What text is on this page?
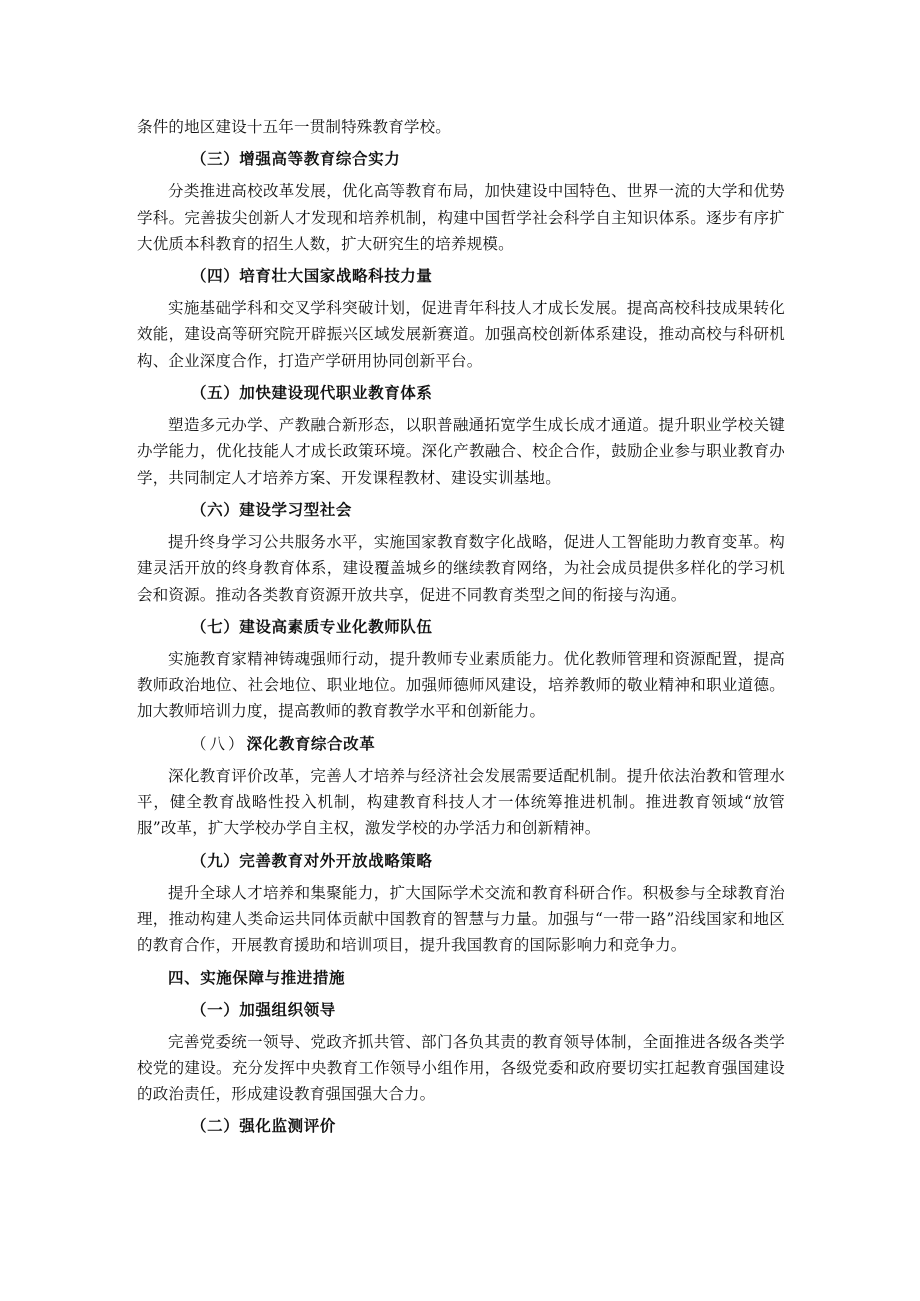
条件的地区建设十五年一贯制特殊教育学校。

（三）增强高等教育综合实力

分类推进高校改革发展，优化高等教育布局，加快建设中国特色、世界一流的大学和优势学科。完善拔尖创新人才发现和培养机制，构建中国哲学社会科学自主知识体系。逐步有序扩大优质本科教育的招生人数，扩大研究生的培养规模。

（四）培育壮大国家战略科技力量

实施基础学科和交叉学科突破计划，促进青年科技人才成长发展。提高高校科技成果转化效能，建设高等研究院开辟振兴区域发展新赛道。加强高校创新体系建设，推动高校与科研机构、企业深度合作，打造产学研用协同创新平台。

（五）加快建设现代职业教育体系

塑造多元办学、产教融合新形态，以职普融通拓宽学生成长成才通道。提升职业学校关键办学能力，优化技能人才成长政策环境。深化产教融合、校企合作，鼓励企业参与职业教育办学，共同制定人才培养方案、开发课程教材、建设实训基地。

（六）建设学习型社会

提升终身学习公共服务水平，实施国家教育数字化战略，促进人工智能助力教育变革。构建灵活开放的终身教育体系，建设覆盖城乡的继续教育网络，为社会成员提供多样化的学习机会和资源。推动各类教育资源开放共享，促进不同教育类型之间的衔接与沟通。

（七）建设高素质专业化教师队伍

实施教育家精神铸魂强师行动，提升教师专业素质能力。优化教师管理和资源配置，提高教师政治地位、社会地位、职业地位。加强师德师风建设，培养教师的敬业精神和职业道德。加大教师培训力度，提高教师的教育教学水平和创新能力。

（八）深化教育综合改革

深化教育评价改革，完善人才培养与经济社会发展需要适配机制。提升依法治教和管理水平，健全教育战略性投入机制，构建教育科技人才一体统筹推进机制。推进教育领域“放管服”改革，扩大学校办学自主权，激发学校的办学活力和创新精神。

（九）完善教育对外开放战略策略

提升全球人才培养和集聚能力，扩大国际学术交流和教育科研合作。积极参与全球教育治理，推动构建人类命运共同体贡献中国教育的智慧与力量。加强与“一带一路”沿线国家和地区的教育合作，开展教育援助和培训项目，提升我国教育的国际影响力和竞争力。

四、实施保障与推进措施
（一）加强组织领导

完善党委统一领导、党政齐抓共管、部门各负其责的教育领导体制，全面推进各级各类学校党的建设。充分发挥中央教育工作领导小组作用，各级党委和政府要切实扛起教育强国建设的政治责任，形成建设教育强国强大合力。

（二）强化监测评价
